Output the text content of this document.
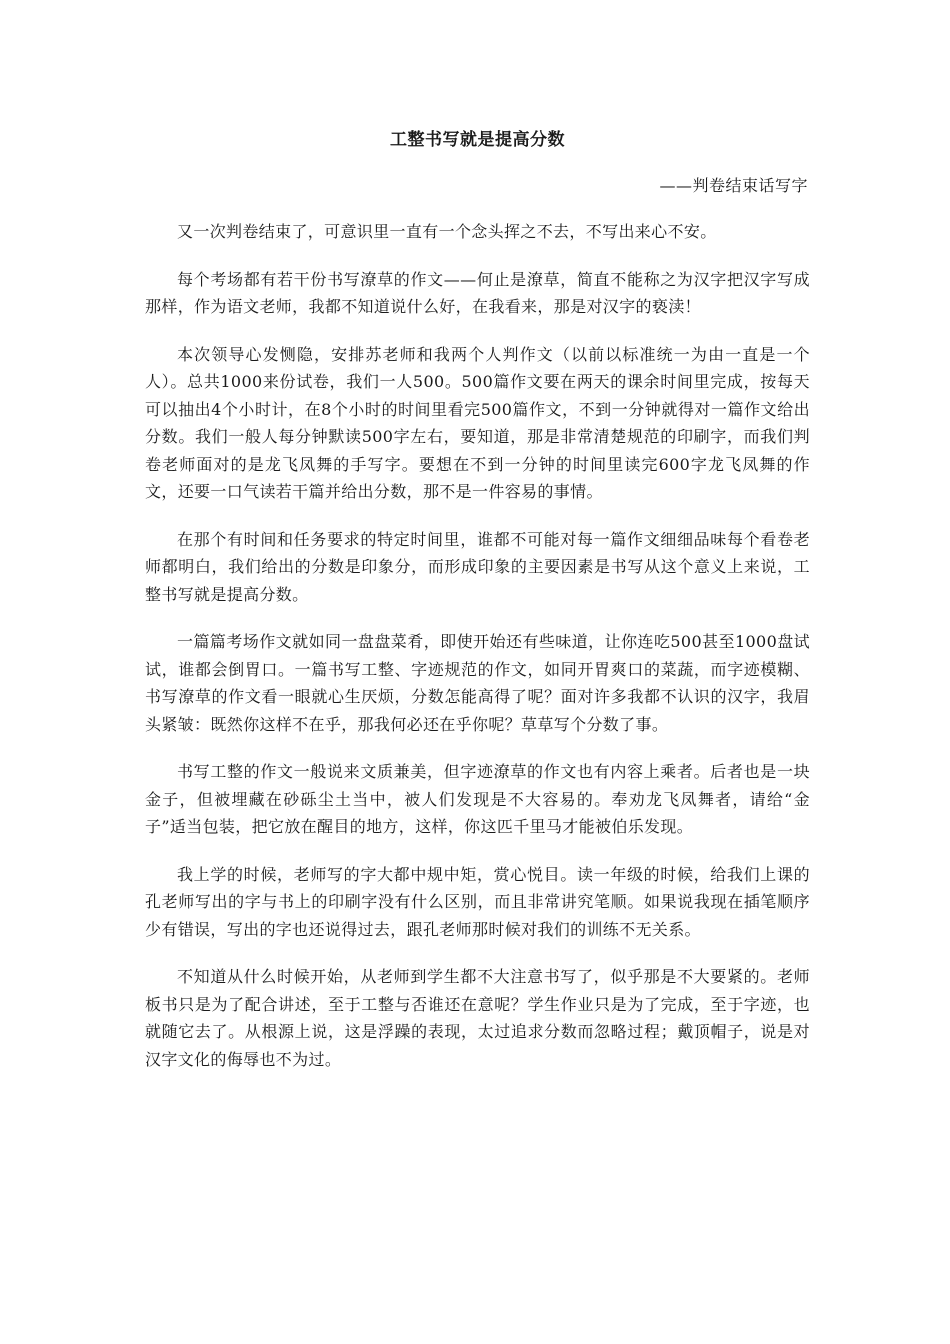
工整书写就是提高分数

——判卷结束话写字

又一次判卷结束了，可意识里一直有一个念头挥之不去，不写出来心不安。

每个考场都有若干份书写潦草的作文——何止是潦草，简直不能称之为汉字把汉字写成那样，作为语文老师，我都不知道说什么好，在我看来，那是对汉字的亵渎！

本次领导心发恻隐，安排苏老师和我两个人判作文（以前以标准统一为由一直是一个人）。总共1000来份试卷，我们一人500。500篇作文要在两天的课余时间里完成，按每天可以抽出4个小时计，在8个小时的时间里看完500篇作文，不到一分钟就得对一篇作文给出分数。我们一般人每分钟默读500字左右，要知道，那是非常清楚规范的印刷字，而我们判卷老师面对的是龙飞凤舞的手写字。要想在不到一分钟的时间里读完600字龙飞凤舞的作文，还要一口气读若干篇并给出分数，那不是一件容易的事情。

在那个有时间和任务要求的特定时间里，谁都不可能对每一篇作文细细品味每个看卷老师都明白，我们给出的分数是印象分，而形成印象的主要因素是书写从这个意义上来说，工整书写就是提高分数。

一篇篇考场作文就如同一盘盘菜肴，即使开始还有些味道，让你连吃500甚至1000盘试试，谁都会倒胃口。一篇书写工整、字迹规范的作文，如同开胃爽口的菜蔬，而字迹模糊、书写潦草的作文看一眼就心生厌烦，分数怎能高得了呢？面对许多我都不认识的汉字，我眉头紧皱：既然你这样不在乎，那我何必还在乎你呢？草草写个分数了事。

书写工整的作文一般说来文质兼美，但字迹潦草的作文也有内容上乘者。后者也是一块金子，但被埋藏在砂砾尘土当中，被人们发现是不大容易的。奉劝龙飞凤舞者，请给“金子”适当包装，把它放在醒目的地方，这样，你这匹千里马才能被伯乐发现。

我上学的时候，老师写的字大都中规中矩，赏心悦目。读一年级的时候，给我们上课的孔老师写出的字与书上的印刷字没有什么区别，而且非常讲究笔顺。如果说我现在插笔顺序少有错误，写出的字也还说得过去，跟孔老师那时候对我们的训练不无关系。

不知道从什么时候开始，从老师到学生都不大注意书写了，似乎那是不大要紧的。老师板书只是为了配合讲述，至于工整与否谁还在意呢？学生作业只是为了完成，至于字迹，也就随它去了。从根源上说，这是浮躁的表现，太过追求分数而忽略过程；戴顶帽子，说是对汉字文化的侮辱也不为过。
